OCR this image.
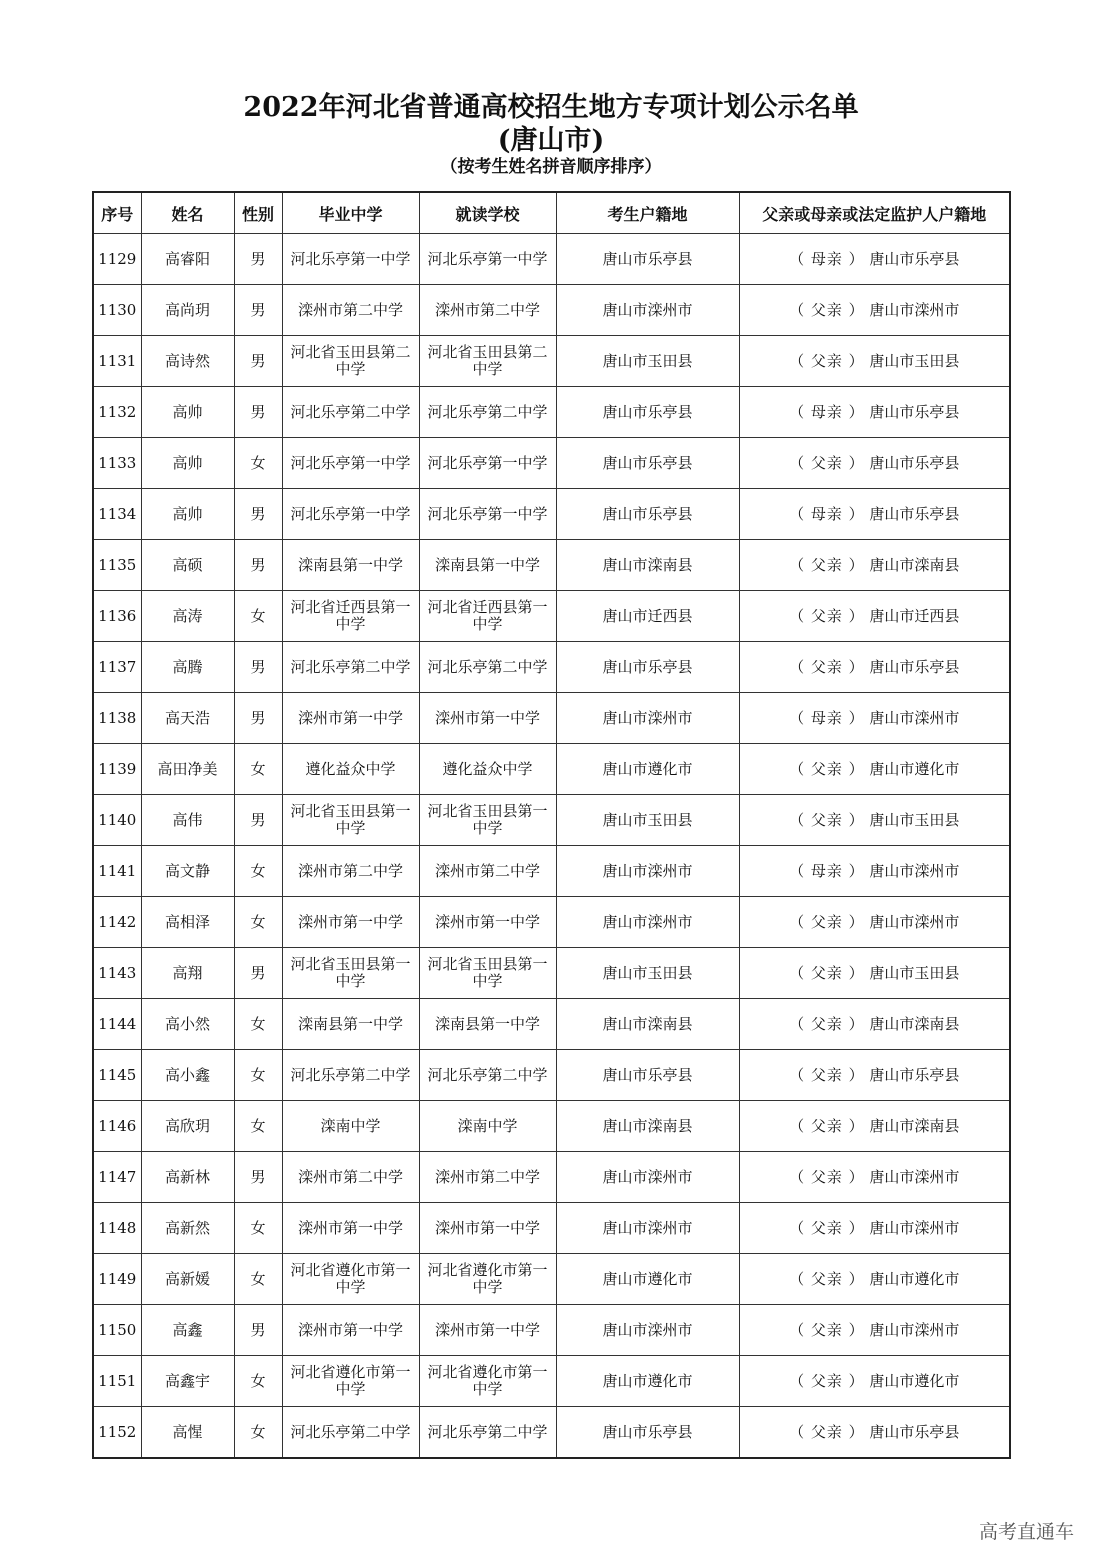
2022年河北省普通高校招生地方专项计划公示名单
(唐山市)
（按考生姓名拼音顺序排序）
序号	姓名	性别	毕业中学	就读学校	考生户籍地	父亲或母亲或法定监护人户籍地
1129	高睿阳	男	河北乐亭第一中学	河北乐亭第一中学	唐山市乐亭县	（ 母亲 ） 唐山市乐亭县
1130	高尚玥	男	滦州市第二中学	滦州市第二中学	唐山市滦州市	（ 父亲 ） 唐山市滦州市
1131	高诗然	男	河北省玉田县第二中学	河北省玉田县第二中学	唐山市玉田县	（ 父亲 ） 唐山市玉田县
1132	高帅	男	河北乐亭第二中学	河北乐亭第二中学	唐山市乐亭县	（ 母亲 ） 唐山市乐亭县
1133	高帅	女	河北乐亭第一中学	河北乐亭第一中学	唐山市乐亭县	（ 父亲 ） 唐山市乐亭县
1134	高帅	男	河北乐亭第一中学	河北乐亭第一中学	唐山市乐亭县	（ 母亲 ） 唐山市乐亭县
1135	高硕	男	滦南县第一中学	滦南县第一中学	唐山市滦南县	（ 父亲 ） 唐山市滦南县
1136	高涛	女	河北省迁西县第一中学	河北省迁西县第一中学	唐山市迁西县	（ 父亲 ） 唐山市迁西县
1137	高腾	男	河北乐亭第二中学	河北乐亭第二中学	唐山市乐亭县	（ 父亲 ） 唐山市乐亭县
1138	高天浩	男	滦州市第一中学	滦州市第一中学	唐山市滦州市	（ 母亲 ） 唐山市滦州市
1139	高田净美	女	遵化益众中学	遵化益众中学	唐山市遵化市	（ 父亲 ） 唐山市遵化市
1140	高伟	男	河北省玉田县第一中学	河北省玉田县第一中学	唐山市玉田县	（ 父亲 ） 唐山市玉田县
1141	高文静	女	滦州市第二中学	滦州市第二中学	唐山市滦州市	（ 母亲 ） 唐山市滦州市
1142	高相泽	女	滦州市第一中学	滦州市第一中学	唐山市滦州市	（ 父亲 ） 唐山市滦州市
1143	高翔	男	河北省玉田县第一中学	河北省玉田县第一中学	唐山市玉田县	（ 父亲 ） 唐山市玉田县
1144	高小然	女	滦南县第一中学	滦南县第一中学	唐山市滦南县	（ 父亲 ） 唐山市滦南县
1145	高小鑫	女	河北乐亭第二中学	河北乐亭第二中学	唐山市乐亭县	（ 父亲 ） 唐山市乐亭县
1146	高欣玥	女	滦南中学	滦南中学	唐山市滦南县	（ 父亲 ） 唐山市滦南县
1147	高新林	男	滦州市第二中学	滦州市第二中学	唐山市滦州市	（ 父亲 ） 唐山市滦州市
1148	高新然	女	滦州市第一中学	滦州市第一中学	唐山市滦州市	（ 父亲 ） 唐山市滦州市
1149	高新媛	女	河北省遵化市第一中学	河北省遵化市第一中学	唐山市遵化市	（ 父亲 ） 唐山市遵化市
1150	高鑫	男	滦州市第一中学	滦州市第一中学	唐山市滦州市	（ 父亲 ） 唐山市滦州市
1151	高鑫宇	女	河北省遵化市第一中学	河北省遵化市第一中学	唐山市遵化市	（ 父亲 ） 唐山市遵化市
1152	高惺	女	河北乐亭第二中学	河北乐亭第二中学	唐山市乐亭县	（ 父亲 ） 唐山市乐亭县
高考直通车
